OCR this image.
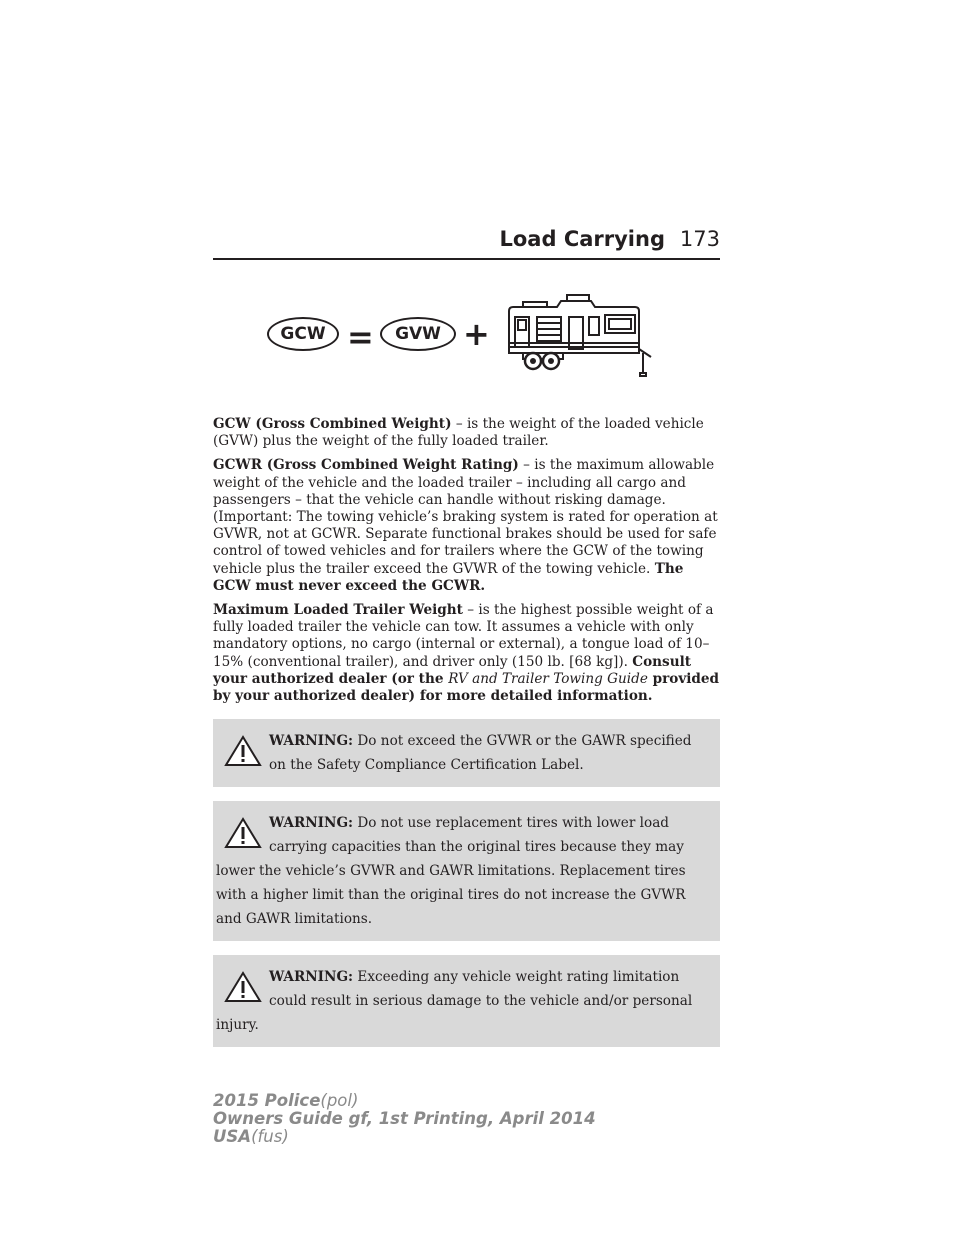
Load Carrying 173
GCW = GVW +

GCW (Gross Combined Weight) – is the weight of the loaded vehicle (GVW) plus the weight of the fully loaded trailer.

GCWR (Gross Combined Weight Rating) – is the maximum allowable weight of the vehicle and the loaded trailer – including all cargo and passengers – that the vehicle can handle without risking damage. (Important: The towing vehicle’s braking system is rated for operation at GVWR, not at GCWR. Separate functional brakes should be used for safe control of towed vehicles and for trailers where the GCW of the towing vehicle plus the trailer exceed the GVWR of the towing vehicle. The GCW must never exceed the GCWR.

Maximum Loaded Trailer Weight – is the highest possible weight of a fully loaded trailer the vehicle can tow. It assumes a vehicle with only mandatory options, no cargo (internal or external), a tongue load of 10–15% (conventional trailer), and driver only (150 lb. [68 kg]). Consult your authorized dealer (or the RV and Trailer Towing Guide provided by your authorized dealer) for more detailed information.

WARNING: Do not exceed the GVWR or the GAWR specified on the Safety Compliance Certification Label.
WARNING: Do not use replacement tires with lower load carrying capacities than the original tires because they may lower the vehicle’s GVWR and GAWR limitations. Replacement tires with a higher limit than the original tires do not increase the GVWR and GAWR limitations.
WARNING: Exceeding any vehicle weight rating limitation could result in serious damage to the vehicle and/or personal injury.
2015 Police(pol)
Owners Guide gf, 1st Printing, April 2014
USA(fus)
